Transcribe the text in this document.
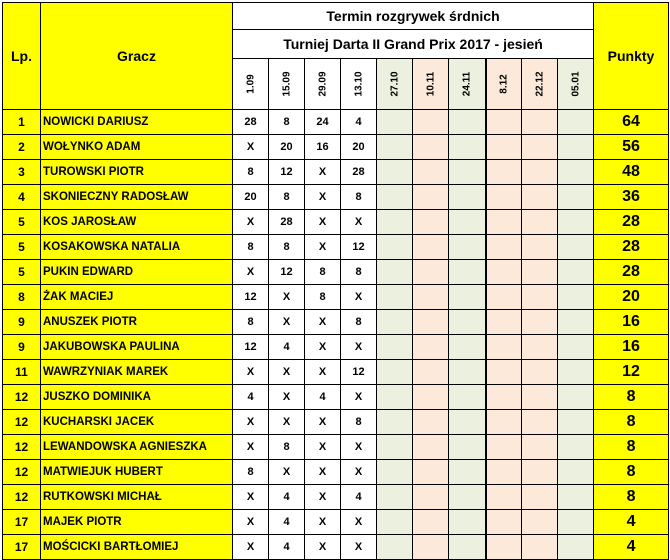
Lp.	Gracz	Termin rozgrywek śrdnich										Punkty
		Turniej Darta II Grand Prix 2017 - jesień										

		1.09	15.09	29.09	13.10	27.10	10.11	24.11	8.12	22.12	05.01	

1	NOWICKI DARIUSZ	28	8	24	4							64
2	WOŁYNKO ADAM	X	20	16	20							56
3	TUROWSKI PIOTR	8	12	X	28							48
4	SKONIECZNY RADOSŁAW	20	8	X	8							36
5	KOS JAROSŁAW	X	28	X	X							28
5	KOSAKOWSKA NATALIA	8	8	X	12							28
5	PUKIN EDWARD	X	12	8	8							28
8	ŻAK MACIEJ	12	X	8	X							20
9	ANUSZEK PIOTR	8	X	X	8							16
9	JAKUBOWSKA PAULINA	12	4	X	X							16
11	WAWRZYNIAK MAREK	X	X	X	12							12
12	JUSZKO DOMINIKA	4	X	4	X							8
12	KUCHARSKI JACEK	X	X	X	8							8
12	LEWANDOWSKA AGNIESZKA	X	8	X	X							8
12	MATWIEJUK HUBERT	8	X	X	X							8
12	RUTKOWSKI MICHAŁ	X	4	X	4							8
17	MAJEK PIOTR	X	4	X	X							4
17	MOŚCICKI BARTŁOMIEJ	X	4	X	X							4
